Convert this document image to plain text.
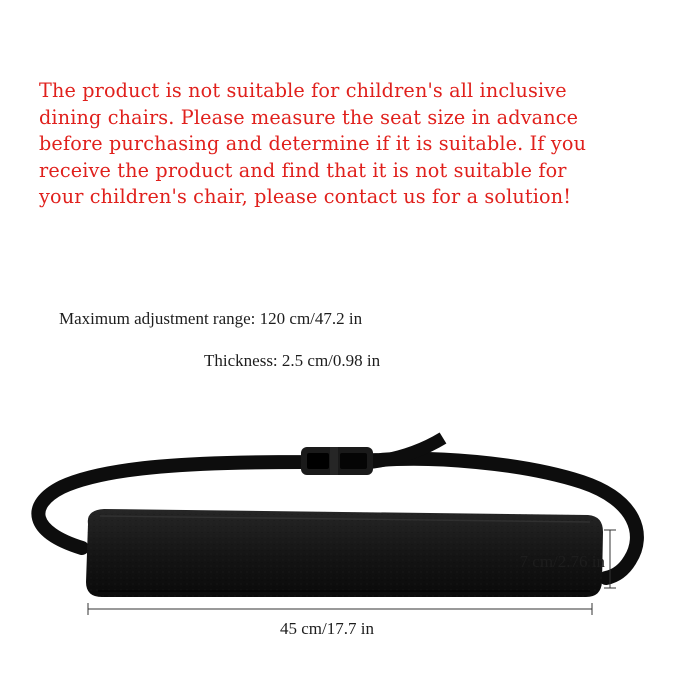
The product is not suitable for children's all inclusive
dining chairs. Please measure the seat size in advance
before purchasing and determine if it is suitable. If you
receive the product and find that it is not suitable for
your children's chair, please contact us for a solution!
Maximum adjustment range: 120 cm/47.2 in
Thickness: 2.5 cm/0.98 in
7 cm/2.76 in
45 cm/17.7 in
